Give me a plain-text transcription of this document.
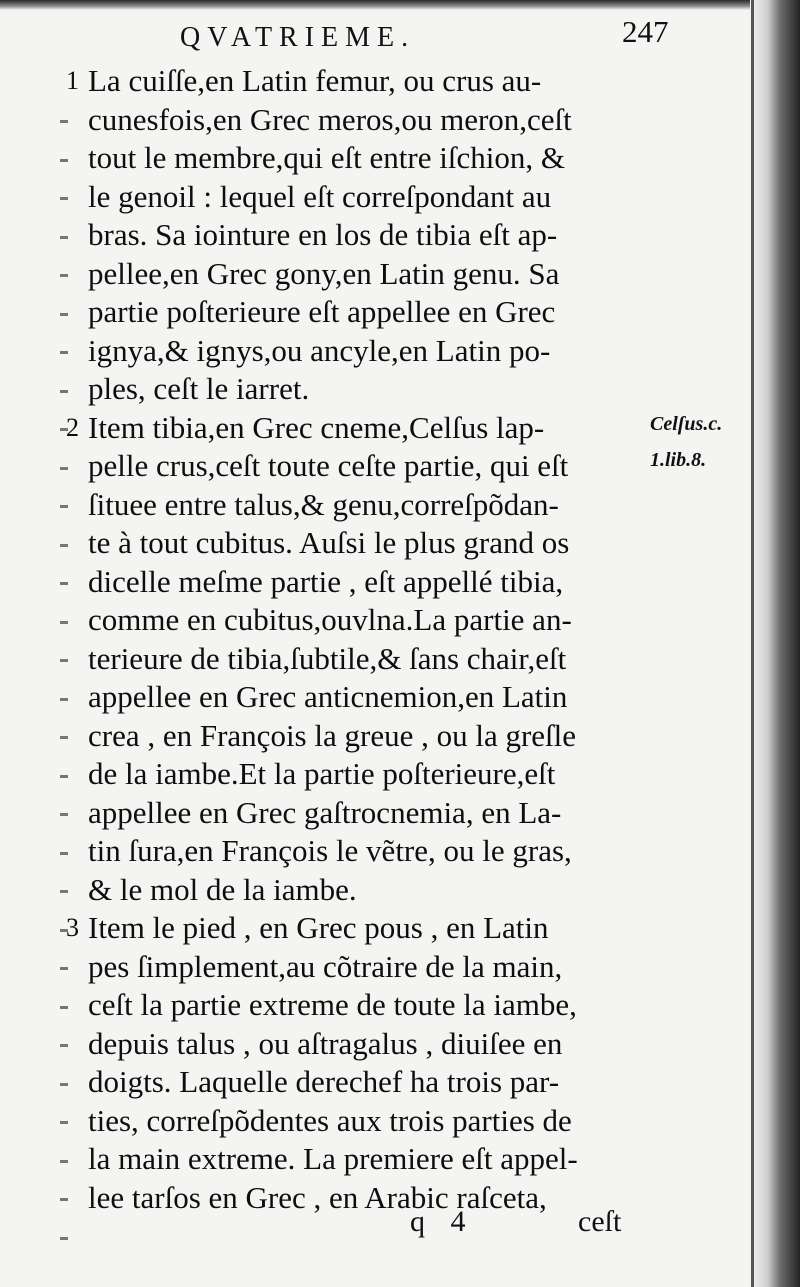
QVATRIEME.	247
1 La cuiſſe,en Latin femur, ou crus au-
cunesfois,en Grec meros,ou meron,ceſt
tout le membre,qui eſt entre iſchion, &
le genoil : lequel eſt correſpondant au
bras. Sa iointure en los de tibia eſt ap-
pellee,en Grec gony,en Latin genu. Sa
partie poſterieure eſt appellee en Grec
ignya,& ignys,ou ancyle,en Latin po-
ples, ceſt le iarret.
2 Item tibia,en Grec cneme,Celſus lap-
pelle crus,ceſt toute ceſte partie, qui eſt
ſituee entre talus,& genu,correſpõdan-
te à tout cubitus. Auſsi le plus grand os
dicelle meſme partie , eſt appellé tibia,
comme en cubitus,ouvlna.La partie an-
terieure de tibia,ſubtile,& ſans chair,eſt
appellee en Grec anticnemion,en Latin
crea , en François la greue , ou la greſle
de la iambe.Et la partie poſterieure,eſt
appellee en Grec gaſtrocnemia, en La-
tin ſura,en François le vẽtre, ou le gras,
& le mol de la iambe.
3 Item le pied , en Grec pous , en Latin
pes ſimplement,au cõtraire de la main,
ceſt la partie extreme de toute la iambe,
depuis talus , ou aſtragalus , diuiſee en
doigts. Laquelle derechef ha trois par-
ties, correſpõdentes aux trois parties de
la main extreme. La premiere eſt appel-
lee tarſos en Grec , en Arabic raſceta,
Celſus.c.
1.lib.8.
q 4	ceſt
